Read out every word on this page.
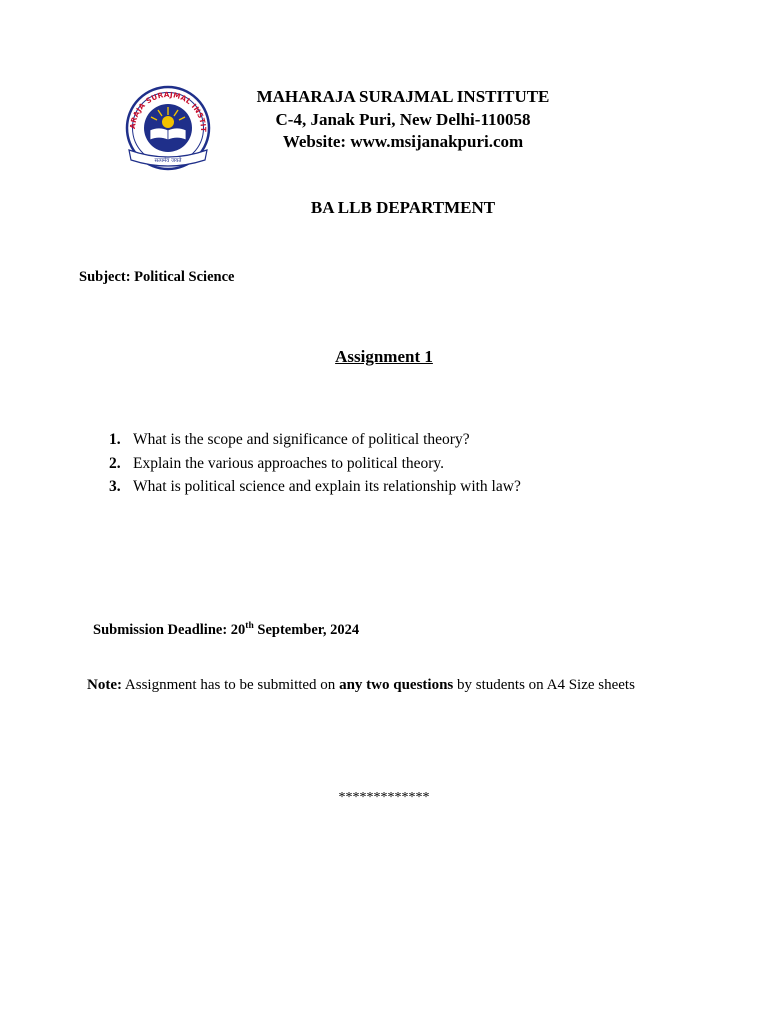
ARAJA SURAJMAL INSTIT
सत्यमेव जयते
MAHARAJA SURAJMAL INSTITUTE
C-4, Janak Puri, New Delhi-110058
Website: www.msijanakpuri.com
BA LLB DEPARTMENT
Subject: Political Science
Assignment 1
1. What is the scope and significance of political theory?
2. Explain the various approaches to political theory.
3. What is political science and explain its relationship with law?
Submission Deadline: 20th September, 2024
Note: Assignment has to be submitted on any two questions by students on A4 Size sheets
*************
